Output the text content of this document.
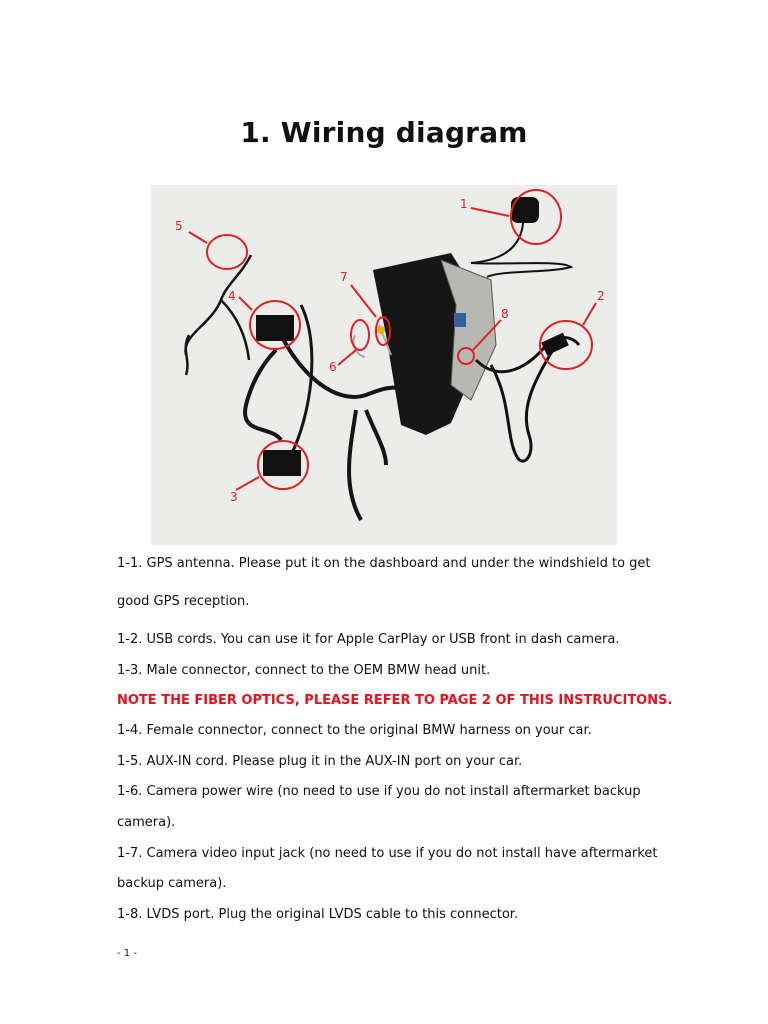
1. Wiring diagram
1
2
3
4
5
6
7
8
1-1. GPS antenna. Please put it on the dashboard and under the windshield to get
good GPS reception.
1-2. USB cords. You can use it for Apple CarPlay or USB front in dash camera.
1-3. Male connector, connect to the OEM BMW head unit.
NOTE THE FIBER OPTICS, PLEASE REFER TO PAGE 2 OF THIS INSTRUCITONS.
1-4. Female connector, connect to the original BMW harness on your car.
1-5. AUX-IN cord. Please plug it in the AUX-IN port on your car.
1-6. Camera power wire (no need to use if you do not install aftermarket backup
camera).
1-7. Camera video input jack (no need to use if you do not install have aftermarket
backup camera).
1-8. LVDS port. Plug the original LVDS cable to this connector.
- 1 -
